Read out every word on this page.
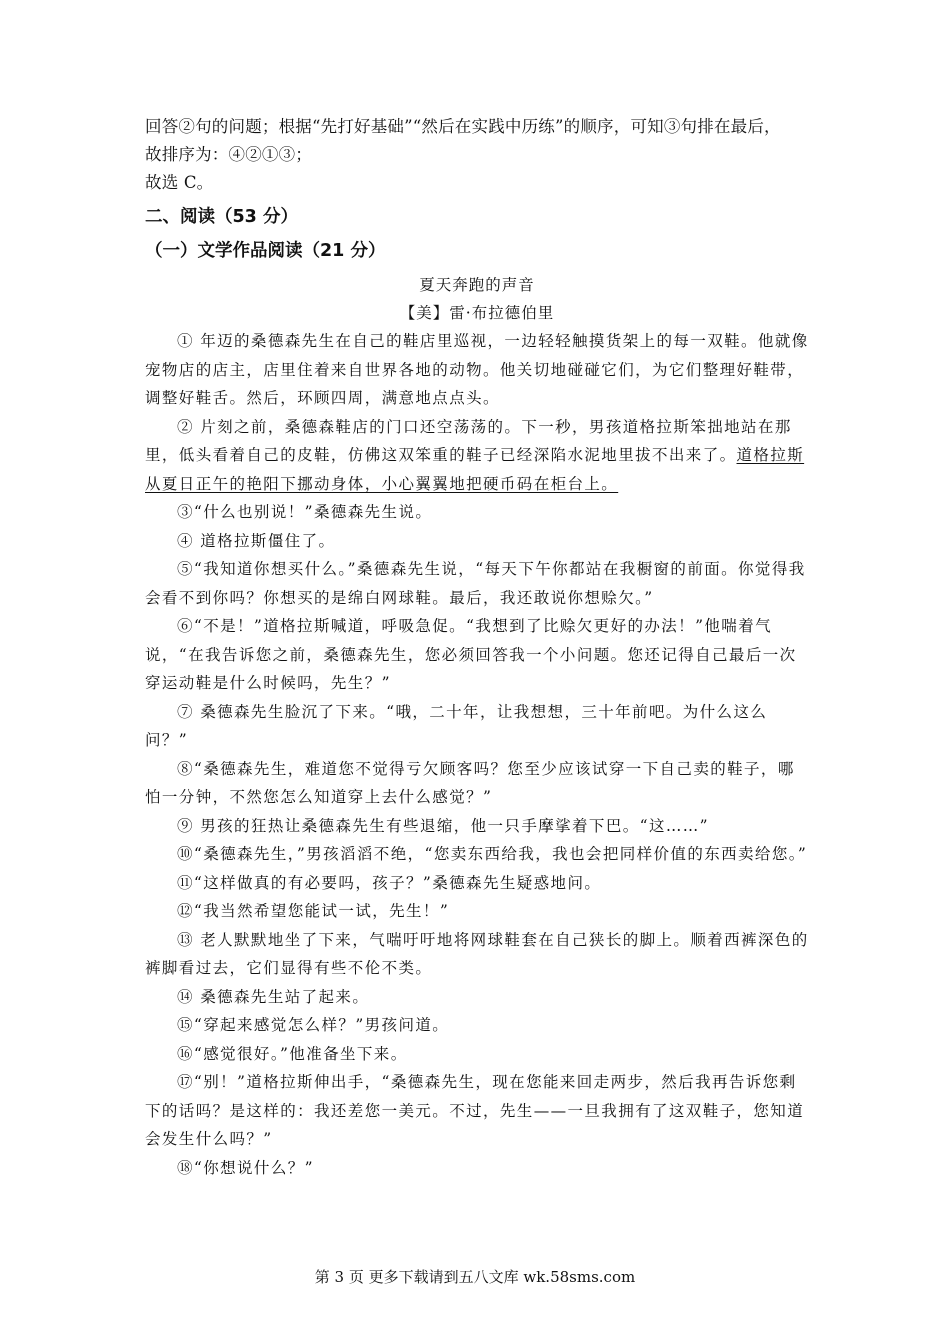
回答②句的问题；根据“先打好基础”“然后在实践中历练”的顺序，可知③句排在最后，

故排序为：④②①③；

故选 C。

二、阅读（53 分）
（一）文学作品阅读（21 分）
夏天奔跑的声音
【美】雷·布拉德伯里

① 年迈的桑德森先生在自己的鞋店里巡视，一边轻轻触摸货架上的每一双鞋。他就像宠物店的店主，店里住着来自世界各地的动物。他关切地碰碰它们，为它们整理好鞋带，调整好鞋舌。然后，环顾四周，满意地点点头。

② 片刻之前，桑德森鞋店的门口还空荡荡的。下一秒，男孩道格拉斯笨拙地站在那里，低头看着自己的皮鞋，仿佛这双笨重的鞋子已经深陷水泥地里拔不出来了。道格拉斯从夏日正午的艳阳下挪动身体，小心翼翼地把硬币码在柜台上。

③“什么也别说！”桑德森先生说。

④ 道格拉斯僵住了。

⑤“我知道你想买什么。”桑德森先生说，“每天下午你都站在我橱窗的前面。你觉得我会看不到你吗？你想买的是绵白网球鞋。最后，我还敢说你想赊欠。”

⑥“不是！”道格拉斯喊道，呼吸急促。“我想到了比赊欠更好的办法！”他喘着气说，“在我告诉您之前，桑德森先生，您必须回答我一个小问题。您还记得自己最后一次穿运动鞋是什么时候吗，先生？”

⑦ 桑德森先生脸沉了下来。“哦，二十年，让我想想，三十年前吧。为什么这么问？”

⑧“桑德森先生，难道您不觉得亏欠顾客吗？您至少应该试穿一下自己卖的鞋子，哪怕一分钟，不然您怎么知道穿上去什么感觉？”

⑨ 男孩的狂热让桑德森先生有些退缩，他一只手摩挲着下巴。“这……”

⑩“桑德森先生，”男孩滔滔不绝，“您卖东西给我，我也会把同样价值的东西卖给您。”

⑪“这样做真的有必要吗，孩子？”桑德森先生疑惑地问。

⑫“我当然希望您能试一试，先生！”

⑬ 老人默默地坐了下来，气喘吁吁地将网球鞋套在自己狭长的脚上。顺着西裤深色的裤脚看过去，它们显得有些不伦不类。

⑭ 桑德森先生站了起来。

⑮“穿起来感觉怎么样？”男孩问道。

⑯“感觉很好。”他准备坐下来。

⑰“别！”道格拉斯伸出手，“桑德森先生，现在您能来回走两步，然后我再告诉您剩下的话吗？是这样的：我还差您一美元。不过，先生——一旦我拥有了这双鞋子，您知道会发生什么吗？”

⑱“你想说什么？”

第 3 页 更多下载请到五八文库 wk.58sms.com
